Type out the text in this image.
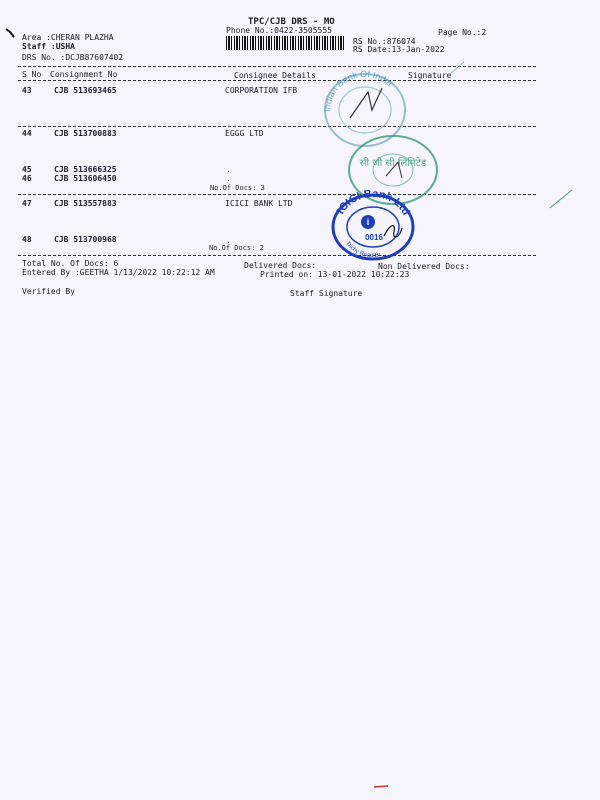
TPC/CJB DRS - MO
Phone No.:0422-3505555	Page No.:2
Area :CHERAN PLAZHA
Staff :USHA
DRS No. :DCJB87607402
RS No.:876074
RS Date:13-Jan-2022
S No Consignment No	Consignee Details	Signature
43	CJB 513693465	CORPORATION IFB
44	CJB 513700883	EGGG LTD
45	CJB 513666325	.
46	CJB 513606450	.
No.Of Docs: 3
47	CJB 513557883	ICICI BANK LTD
48	CJB 513700968	.
No.Of Docs: 2
Total No. Of Docs: 6	Delivered Docs:	Non Delivered Docs:
Entered By :GEETHA 1/13/2022 10:22:12 AM	Printed on: 13-01-2022 10:22:23
Verified By	Staff Signature
Indian Bank Of India
सी जी सी लिमिटेड
ICICI Bank Ltd
Trichy Road Br.
i
0016
